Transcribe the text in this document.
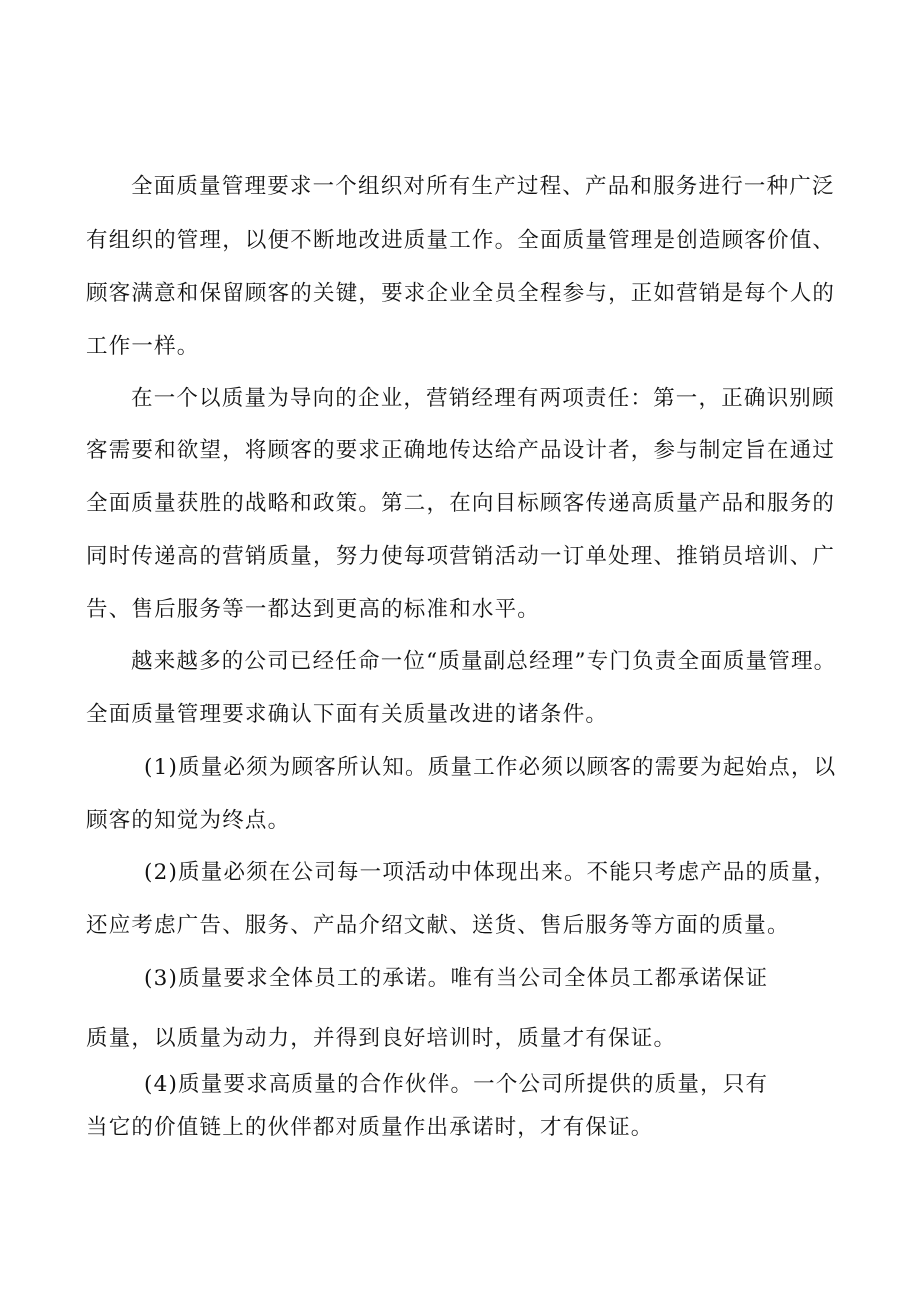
全面质量管理要求一个组织对所有生产过程、产品和服务进行一种广泛
有组织的管理，以便不断地改进质量工作。全面质量管理是创造顾客价值、
顾客满意和保留顾客的关键，要求企业全员全程参与，正如营销是每个人的
工作一样。
在一个以质量为导向的企业，营销经理有两项责任：第一，正确识别顾
客需要和欲望，将顾客的要求正确地传达给产品设计者，参与制定旨在通过
全面质量获胜的战略和政策。第二，在向目标顾客传递高质量产品和服务的
同时传递高的营销质量，努力使每项营销活动一订单处理、推销员培训、广
告、售后服务等一都达到更高的标准和水平。
越来越多的公司已经任命一位“质量副总经理”专门负责全面质量管理。
全面质量管理要求确认下面有关质量改进的诸条件。
(1)质量必须为顾客所认知。质量工作必须以顾客的需要为起始点，以
顾客的知觉为终点。
(2)质量必须在公司每一项活动中体现出来。不能只考虑产品的质量，
还应考虑广告、服务、产品介绍文献、送货、售后服务等方面的质量。
(3)质量要求全体员工的承诺。唯有当公司全体员工都承诺保证
质量，以质量为动力，并得到良好培训时，质量才有保证。
(4)质量要求高质量的合作伙伴。一个公司所提供的质量，只有
当它的价值链上的伙伴都对质量作出承诺时，才有保证。
